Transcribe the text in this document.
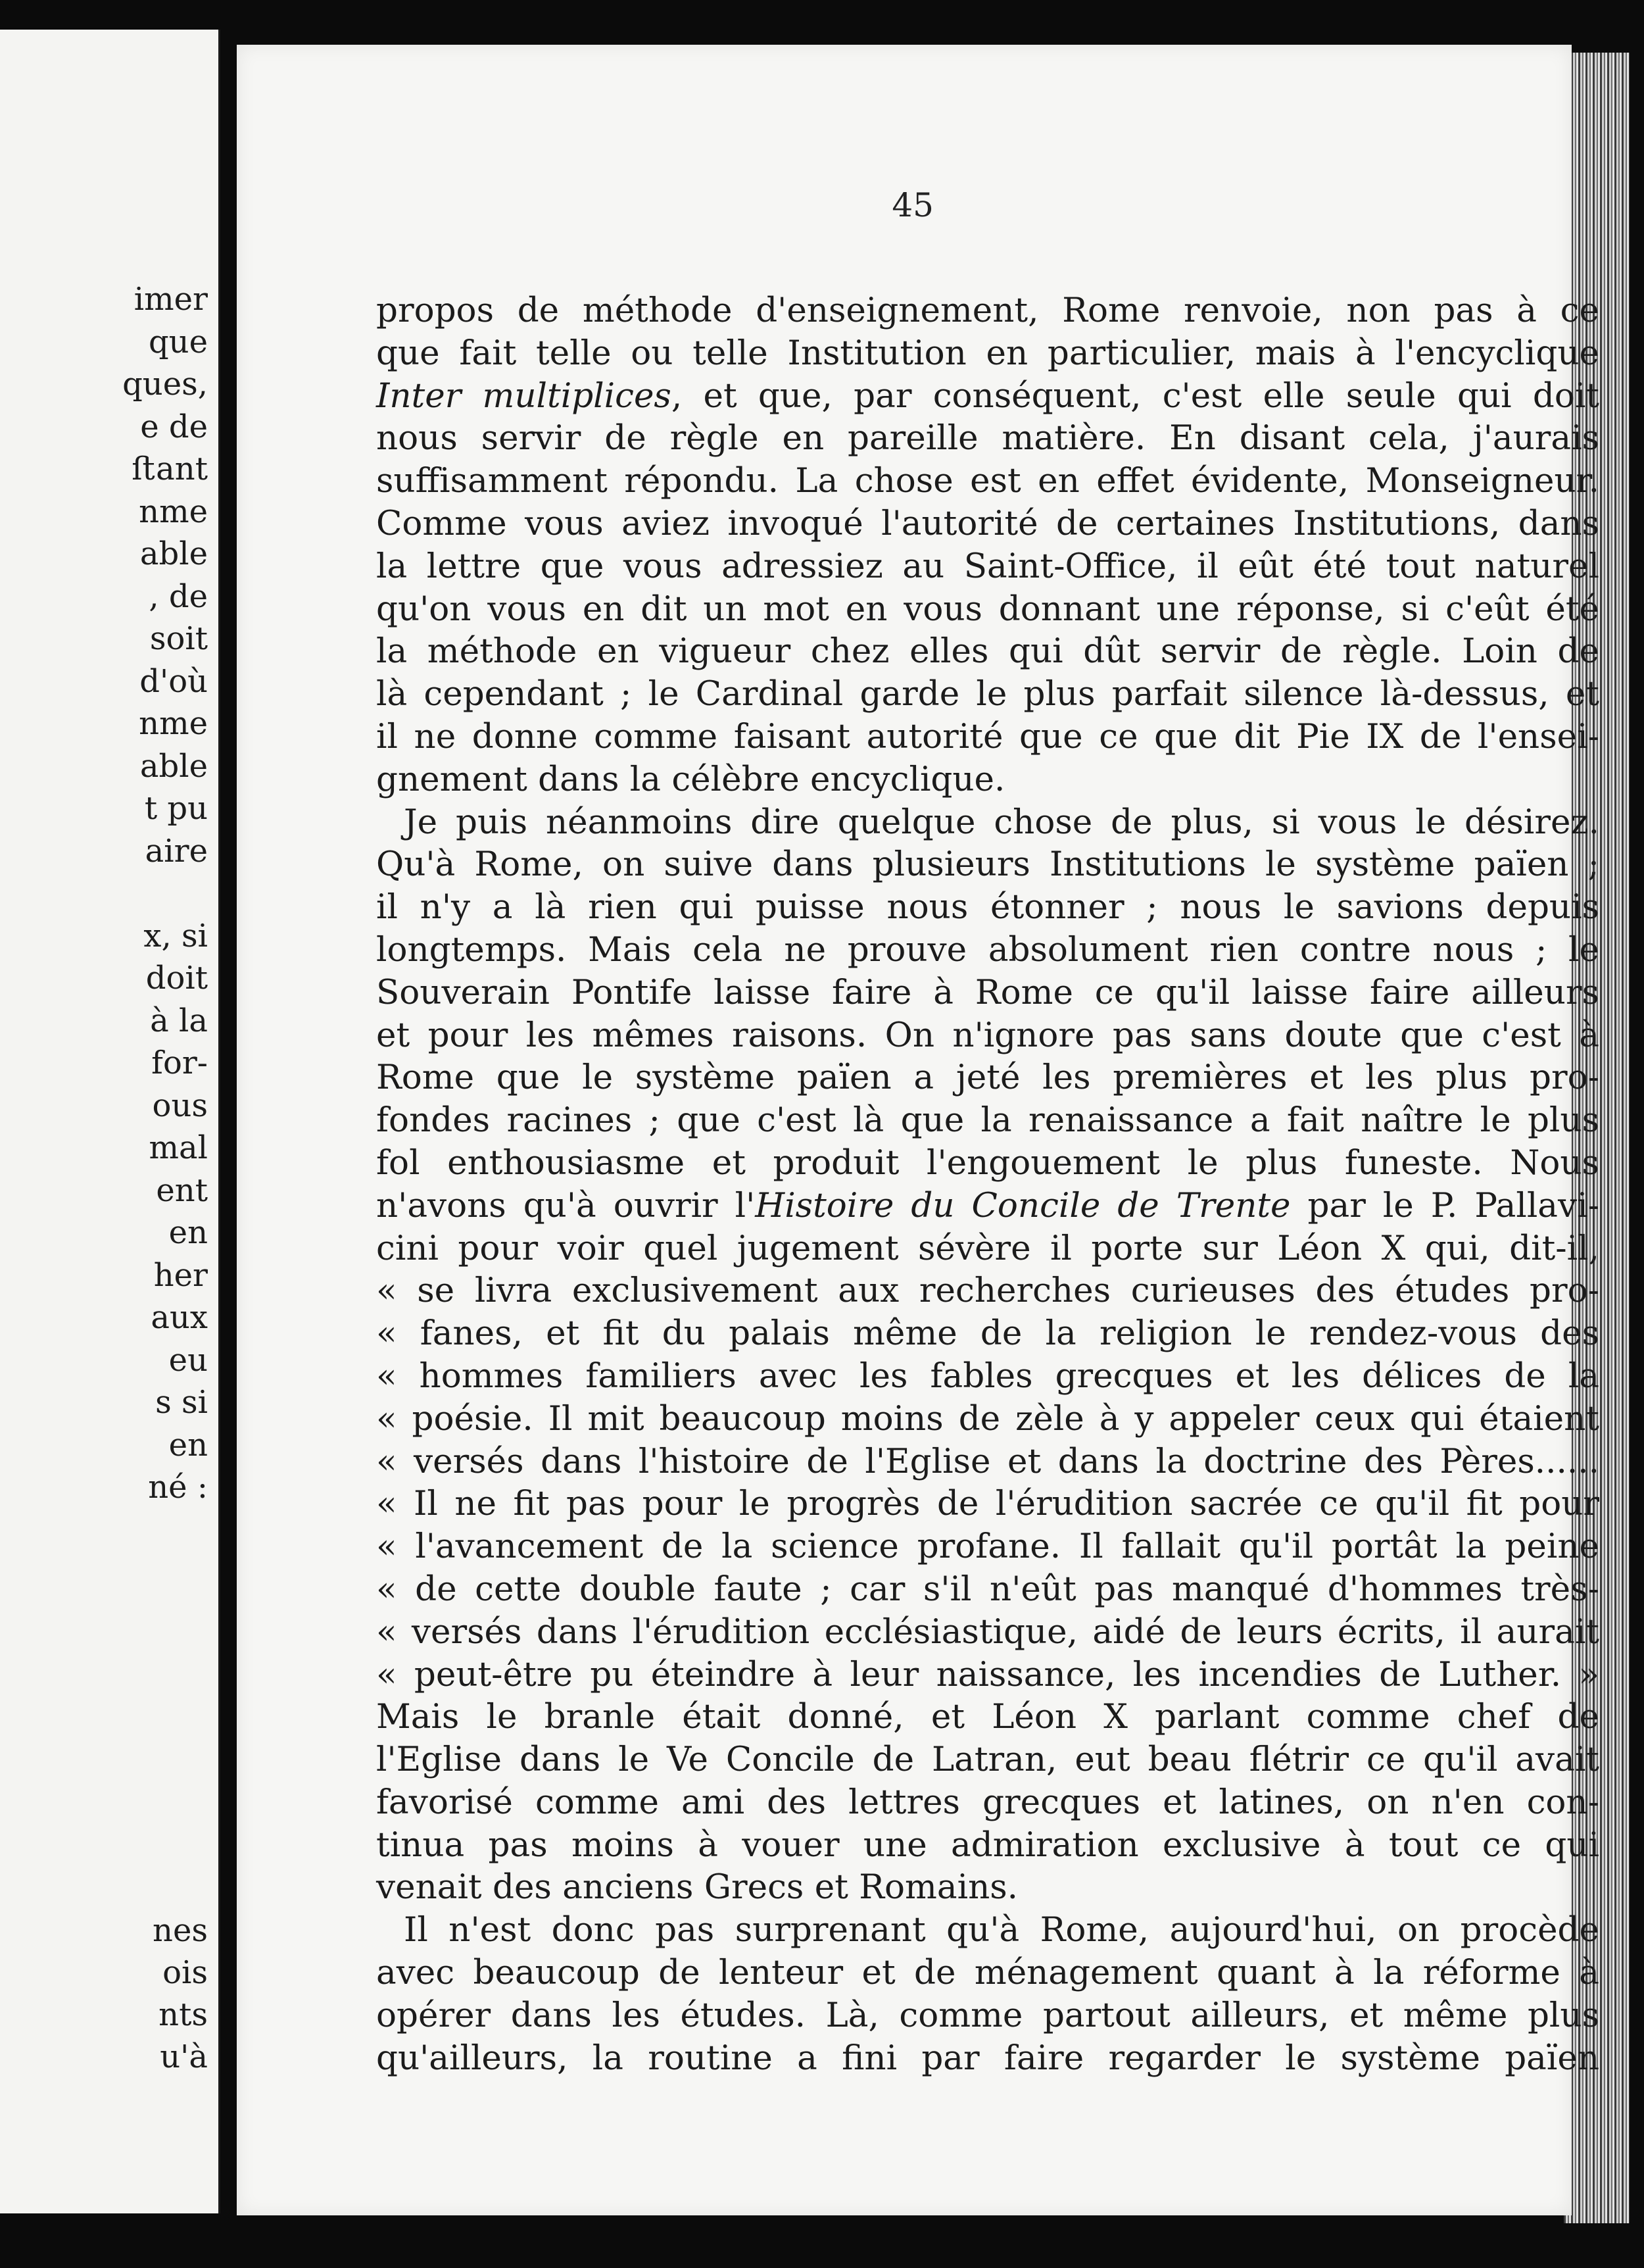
imer
que
ques,
e de
ﬅant
nme
able
, de
soit
d'où
nme
able
t pu
aire
x, si
doit
à la
for-
ous
mal
ent
en
her
aux
eu
s si
en
né :
nes
ois
nts
u'à

45

propos de méthode d'enseignement, Rome renvoie, non pas à ce

que fait telle ou telle Institution en particulier, mais à l'encyclique

Inter multiplices, et que, par conséquent, c'est elle seule qui doit

nous servir de règle en pareille matière. En disant cela, j'aurais

suffisamment répondu. La chose est en effet évidente, Monseigneur.

Comme vous aviez invoqué l'autorité de certaines Institutions, dans

la lettre que vous adressiez au Saint-Office, il eût été tout naturel

qu'on vous en dit un mot en vous donnant une réponse, si c'eût été

la méthode en vigueur chez elles qui dût servir de règle. Loin de

là cependant ; le Cardinal garde le plus parfait silence là-dessus, et

il ne donne comme faisant autorité que ce que dit Pie IX de l'ensei-

gnement dans la célèbre encyclique.

Je puis néanmoins dire quelque chose de plus, si vous le désirez.

Qu'à Rome, on suive dans plusieurs Institutions le système païen ;

il n'y a là rien qui puisse nous étonner ; nous le savions depuis

longtemps. Mais cela ne prouve absolument rien contre nous ; le

Souverain Pontife laisse faire à Rome ce qu'il laisse faire ailleurs

et pour les mêmes raisons. On n'ignore pas sans doute que c'est à

Rome que le système païen a jeté les premières et les plus pro-

fondes racines ; que c'est là que la renaissance a fait naître le plus

fol enthousiasme et produit l'engouement le plus funeste. Nous

n'avons qu'à ouvrir l'Histoire du Concile de Trente par le P. Pallavi-

cini pour voir quel jugement sévère il porte sur Léon X qui, dit-il,

« se livra exclusivement aux recherches curieuses des études pro-

« fanes, et fit du palais même de la religion le rendez-vous des

« hommes familiers avec les fables grecques et les délices de la

« poésie. Il mit beaucoup moins de zèle à y appeler ceux qui étaient

« versés dans l'histoire de l'Eglise et dans la doctrine des Pères......

« Il ne fit pas pour le progrès de l'érudition sacrée ce qu'il fit pour

« l'avancement de la science profane. Il fallait qu'il portât la peine

« de cette double faute ; car s'il n'eût pas manqué d'hommes très-

« versés dans l'érudition ecclésiastique, aidé de leurs écrits, il aurait

« peut-être pu éteindre à leur naissance, les incendies de Luther. »

Mais le branle était donné, et Léon X parlant comme chef de

l'Eglise dans le Ve Concile de Latran, eut beau flétrir ce qu'il avait

favorisé comme ami des lettres grecques et latines, on n'en con-

tinua pas moins à vouer une admiration exclusive à tout ce qui

venait des anciens Grecs et Romains.

Il n'est donc pas surprenant qu'à Rome, aujourd'hui, on procède

avec beaucoup de lenteur et de ménagement quant à la réforme à

opérer dans les études. Là, comme partout ailleurs, et même plus

qu'ailleurs, la routine a fini par faire regarder le système païen
